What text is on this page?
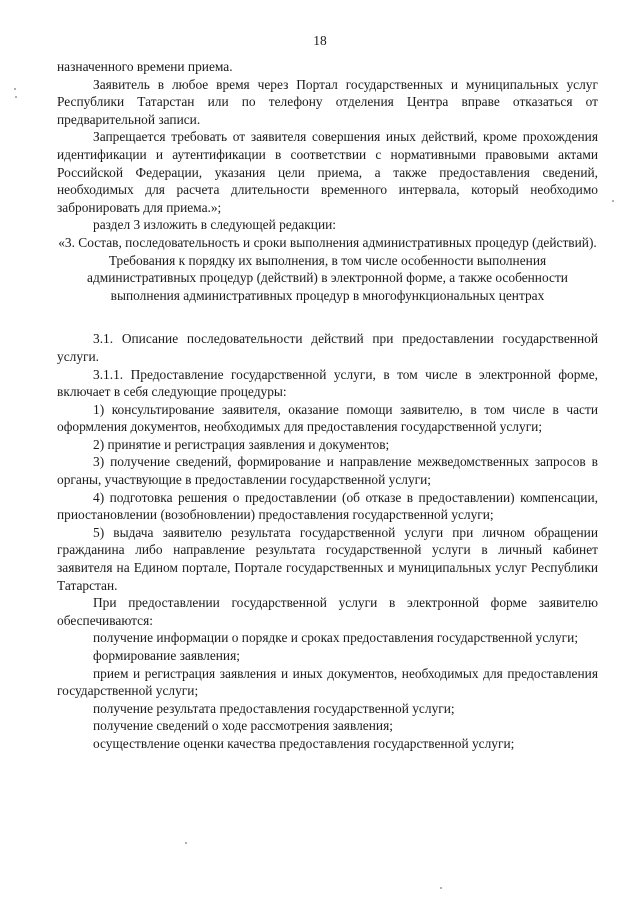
18

назначенного времени приема.

Заявитель в любое время через Портал государственных и муниципальных услуг Республики Татарстан или по телефону отделения Центра вправе отказаться от предварительной записи.

Запрещается требовать от заявителя совершения иных действий, кроме прохождения идентификации и аутентификации в соответствии с нормативными правовыми актами Российской Федерации, указания цели приема, а также предоставления сведений, необходимых для расчета длительности временного интервала, который необходимо забронировать для приема.»;

раздел 3 изложить в следующей редакции:

«3. Состав, последовательность и сроки выполнения административных процедур (действий). Требования к порядку их выполнения, в том числе особенности выполнения административных процедур (действий) в электронной форме, а также особенности выполнения административных процедур в многофункциональных центрах

3.1. Описание последовательности действий при предоставлении государственной услуги.

3.1.1. Предоставление государственной услуги, в том числе в электронной форме, включает в себя следующие процедуры:

1) консультирование заявителя, оказание помощи заявителю, в том числе в части оформления документов, необходимых для предоставления государственной услуги;

2) принятие и регистрация заявления и документов;

3) получение сведений, формирование и направление межведомственных запросов в органы, участвующие в предоставлении государственной услуги;

4) подготовка решения о предоставлении (об отказе в предоставлении) компенсации, приостановлении (возобновлении) предоставления государственной услуги;

5) выдача заявителю результата государственной услуги при личном обращении гражданина либо направление результата государственной услуги в личный кабинет заявителя на Едином портале, Портале государственных и муниципальных услуг Республики Татарстан.

При предоставлении государственной услуги в электронной форме заявителю обеспечиваются:

получение информации о порядке и сроках предоставления государственной услуги;

формирование заявления;

прием и регистрация заявления и иных документов, необходимых для предоставления государственной услуги;

получение результата предоставления государственной услуги;

получение сведений о ходе рассмотрения заявления;

осуществление оценки качества предоставления государственной услуги;
